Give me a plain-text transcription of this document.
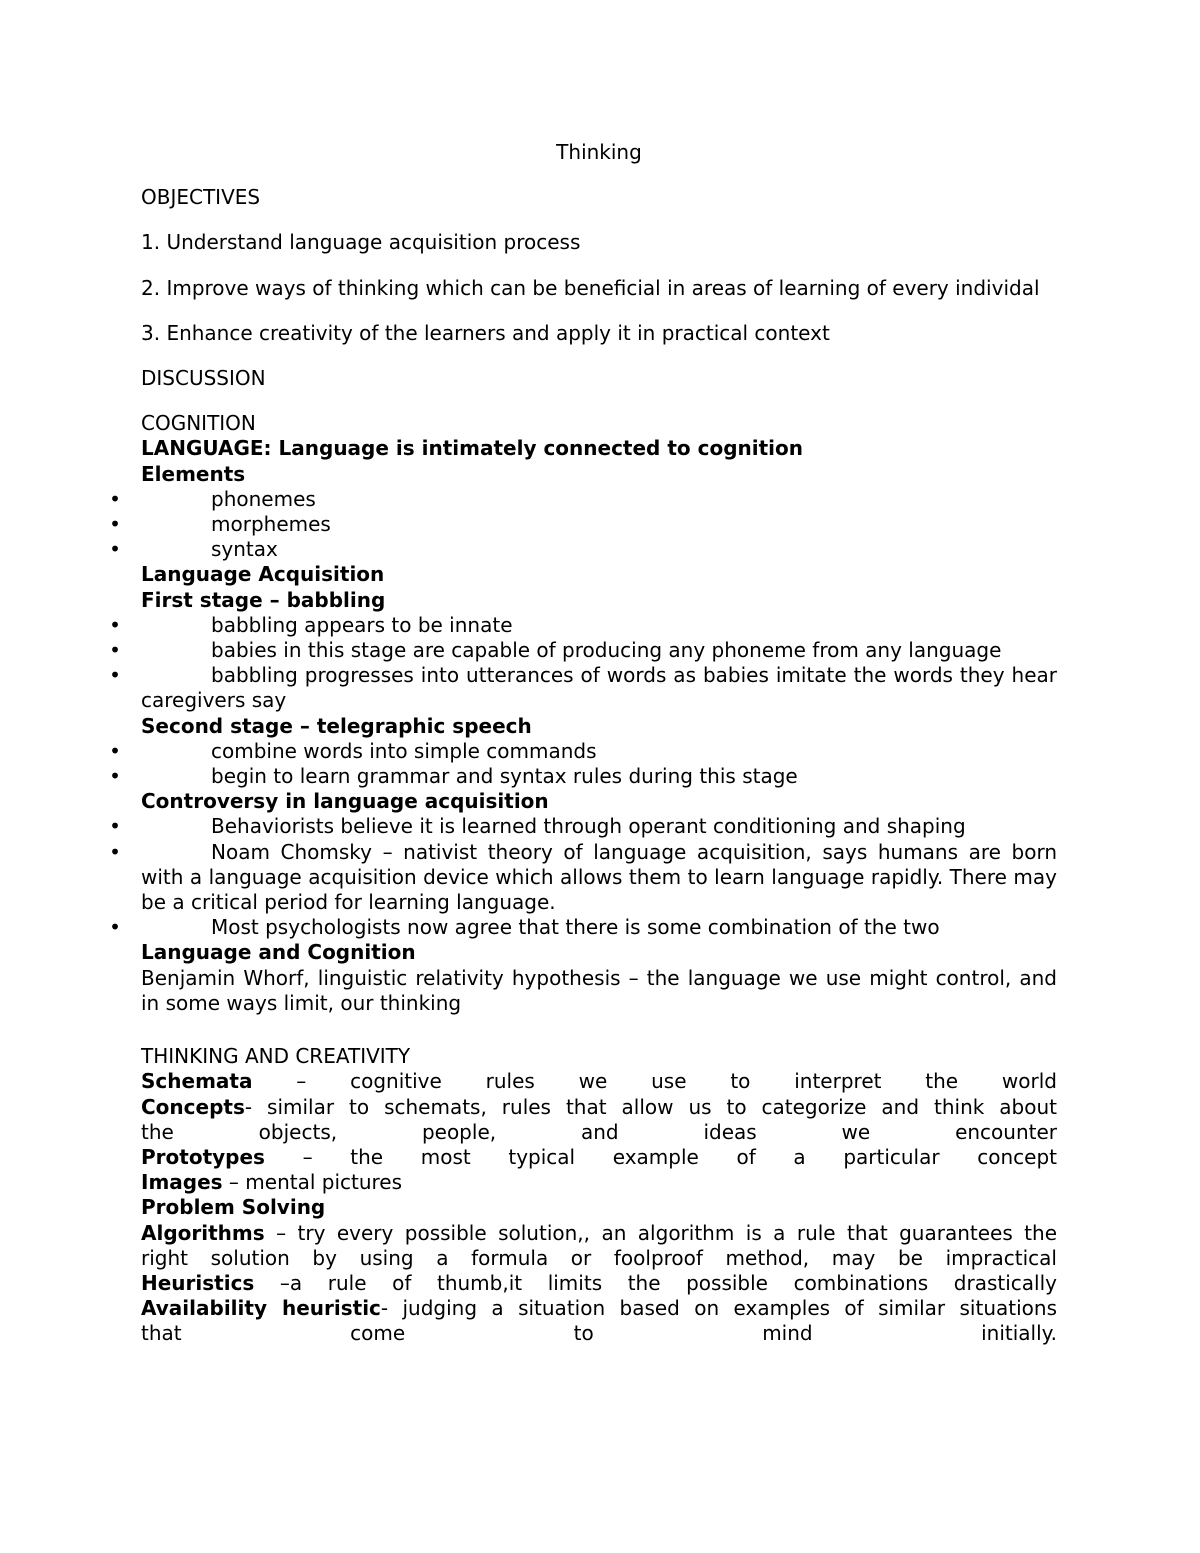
Thinking
OBJECTIVES
1. Understand language acquisition process
2. Improve ways of thinking which can be beneficial in areas of learning of every individal
3. Enhance creativity of the learners and apply it in practical context
DISCUSSION
COGNITION
LANGUAGE: Language is intimately connected to cognition
Elements
•	phonemes
•	morphemes
•	syntax
Language Acquisition
First stage – babbling
•	babbling appears to be innate
•	babies in this stage are capable of producing any phoneme from any language
•	babbling progresses into utterances of words as babies imitate the words they hear caregivers say
Second stage – telegraphic speech
•	combine words into simple commands
•	begin to learn grammar and syntax rules during this stage
Controversy in language acquisition
•	Behaviorists believe it is learned through operant conditioning and shaping
•	Noam Chomsky – nativist theory of language acquisition, says humans are born with a language acquisition device which allows them to learn language rapidly. There may be a critical period for learning language.
•	Most psychologists now agree that there is some combination of the two
Language and Cognition
Benjamin Whorf, linguistic relativity hypothesis – the language we use might control, and in some ways limit, our thinking
THINKING AND CREATIVITY
Schemata – cognitive rules we use to interpret the world
Concepts- similar to schemats, rules that allow us to categorize and think about
the objects, people, and ideas we encounter
Prototypes – the most typical example of a particular concept
Images – mental pictures
Problem Solving
Algorithms – try every possible solution,, an algorithm is a rule that guarantees the
right solution by using a formula or foolproof method, may be impractical
Heuristics –a rule of thumb,it limits the possible combinations drastically
Availability heuristic- judging a situation based on examples of similar situations
that come to mind initially.
